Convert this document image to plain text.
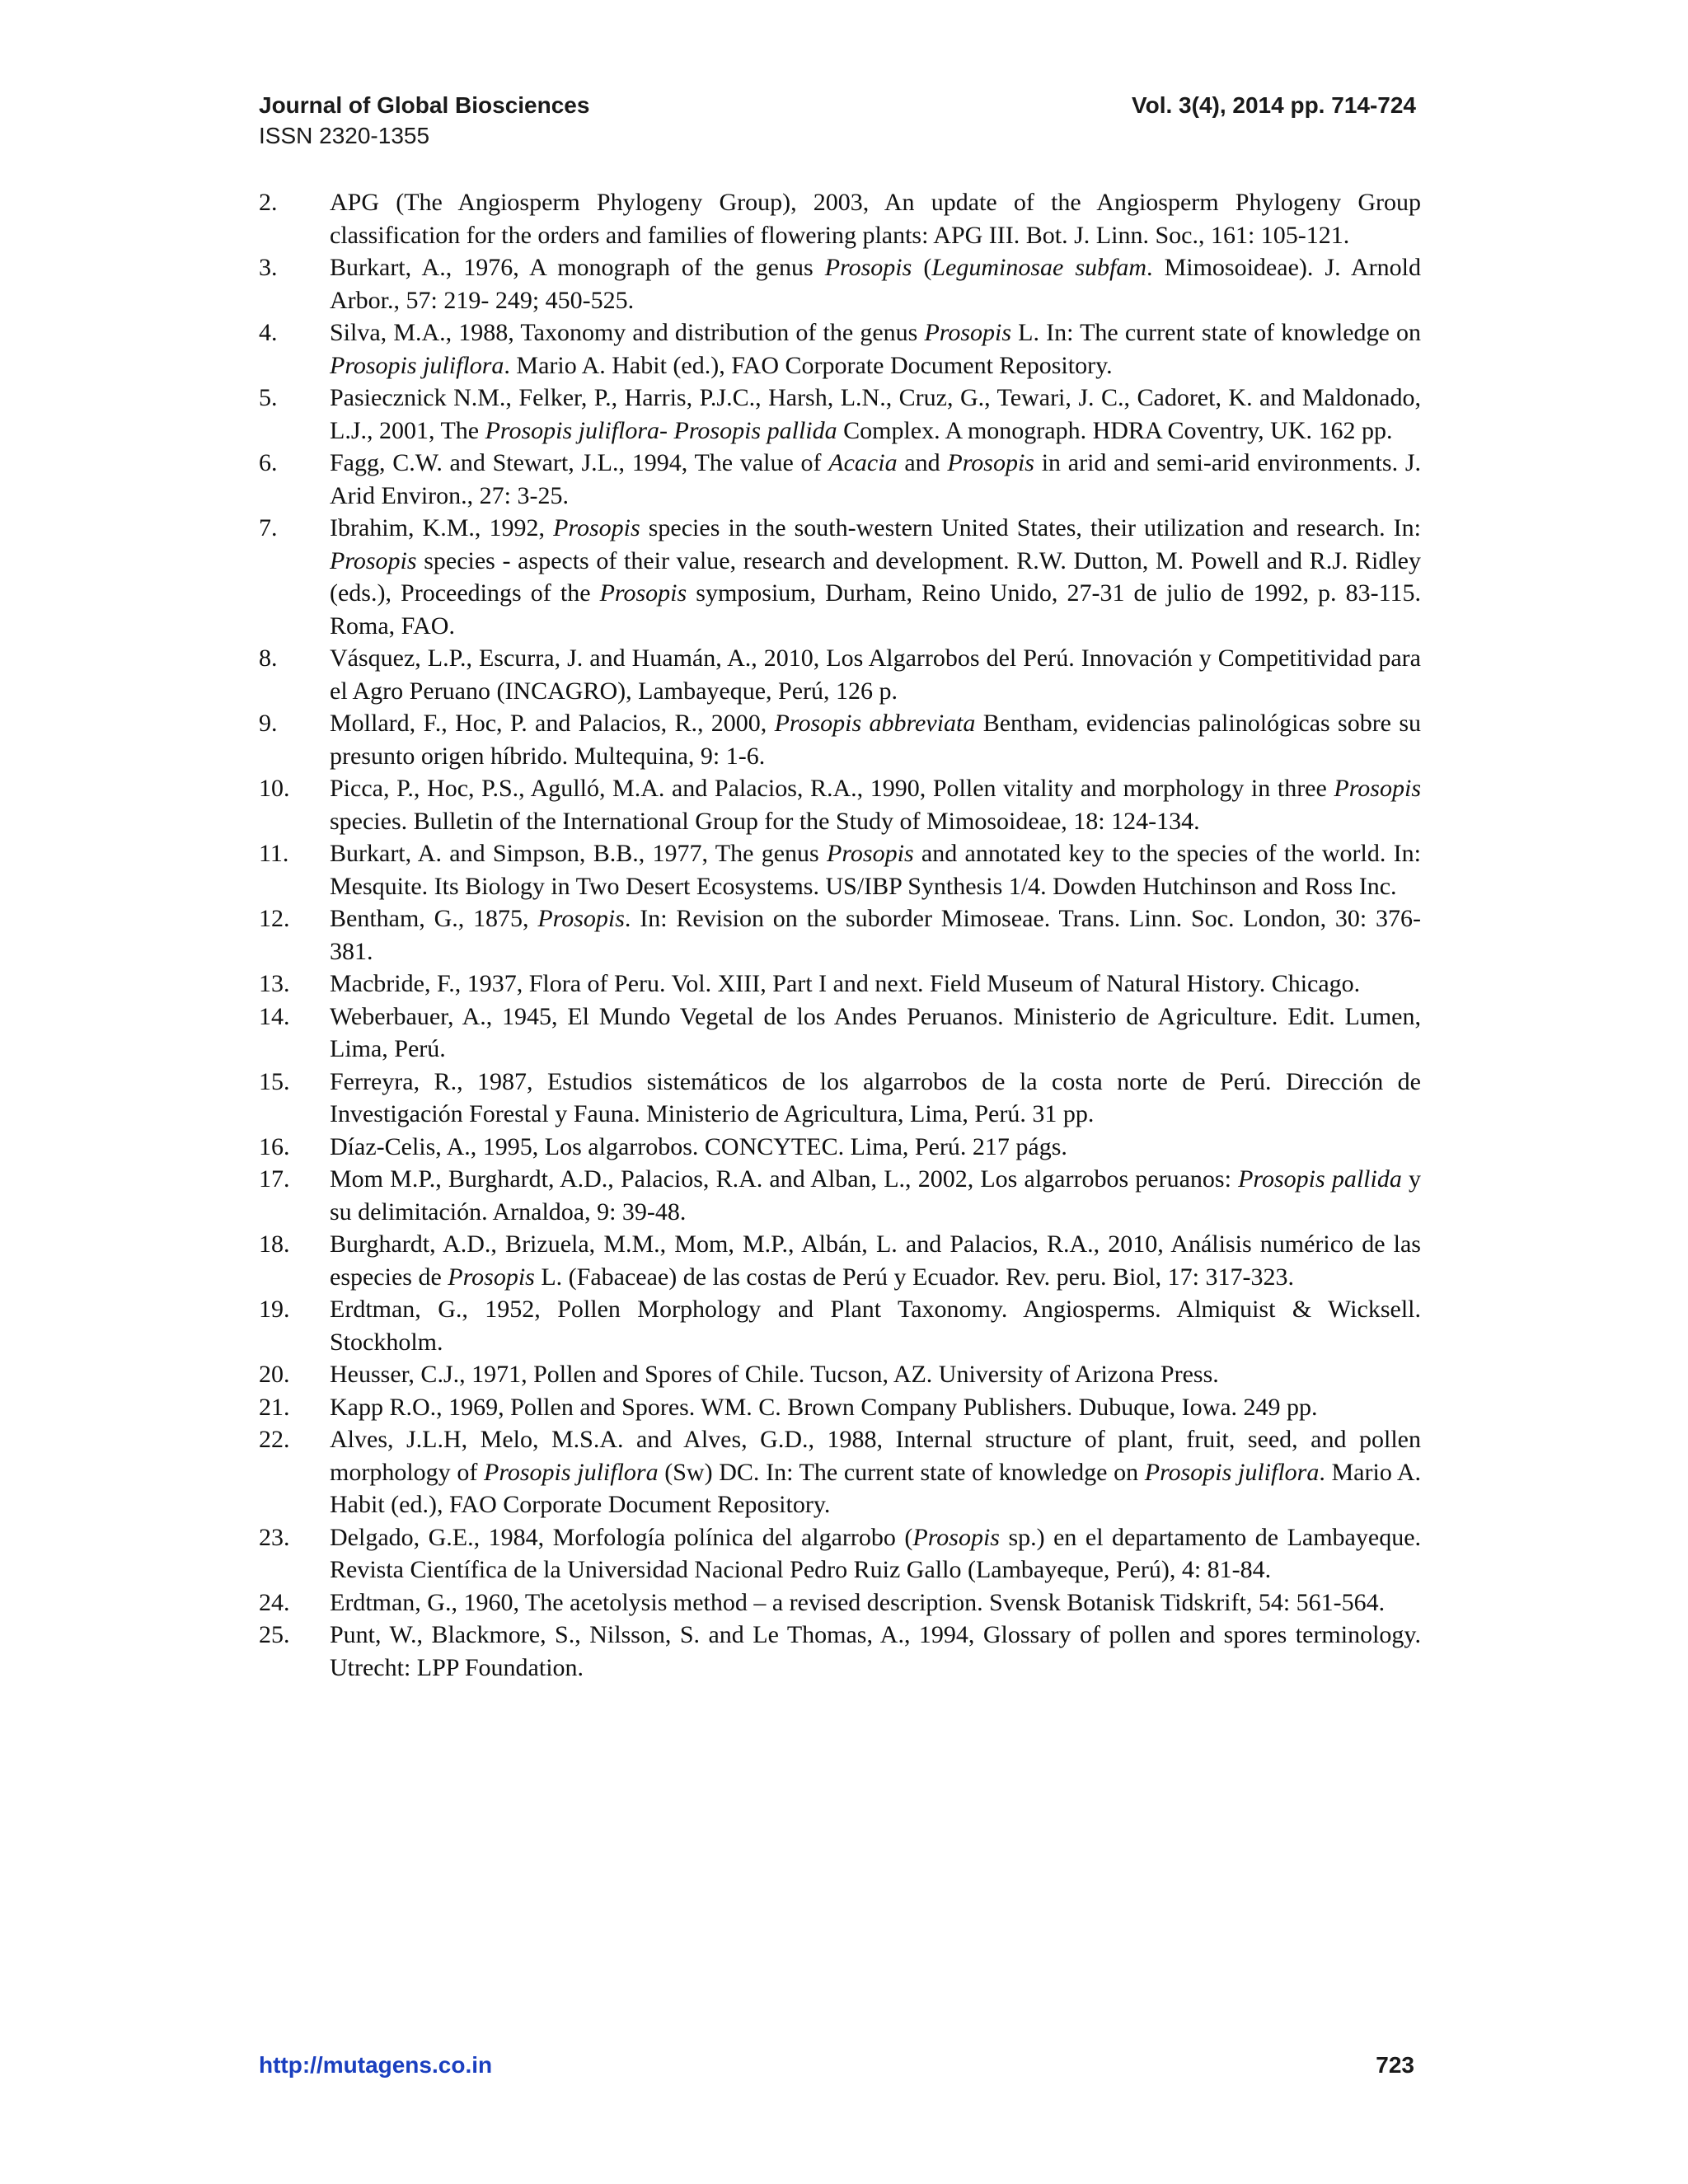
Journal of Global Biosciences	Vol. 3(4), 2014 pp. 714-724
ISSN 2320-1355
2. APG (The Angiosperm Phylogeny Group), 2003, An update of the Angiosperm Phylogeny Group classification for the orders and families of flowering plants: APG III. Bot. J. Linn. Soc., 161: 105-121.
3. Burkart, A., 1976, A monograph of the genus Prosopis (Leguminosae subfam. Mimosoideae). J. Arnold Arbor., 57: 219- 249; 450-525.
4. Silva, M.A., 1988, Taxonomy and distribution of the genus Prosopis L. In: The current state of knowledge on Prosopis juliflora. Mario A. Habit (ed.), FAO Corporate Document Repository.
5. Pasiecznick N.M., Felker, P., Harris, P.J.C., Harsh, L.N., Cruz, G., Tewari, J. C., Cadoret, K. and Maldonado, L.J., 2001, The Prosopis juliflora- Prosopis pallida Complex. A monograph. HDRA Coventry, UK. 162 pp.
6. Fagg, C.W. and Stewart, J.L., 1994, The value of Acacia and Prosopis in arid and semi-arid environments. J. Arid Environ., 27: 3-25.
7. Ibrahim, K.M., 1992, Prosopis species in the south-western United States, their utilization and research. In: Prosopis species - aspects of their value, research and development. R.W. Dutton, M. Powell and R.J. Ridley (eds.), Proceedings of the Prosopis symposium, Durham, Reino Unido, 27-31 de julio de 1992, p. 83-115. Roma, FAO.
8. Vásquez, L.P., Escurra, J. and Huamán, A., 2010, Los Algarrobos del Perú. Innovación y Competitividad para el Agro Peruano (INCAGRO), Lambayeque, Perú, 126 p.
9. Mollard, F., Hoc, P. and Palacios, R., 2000, Prosopis abbreviata Bentham, evidencias palinológicas sobre su presunto origen híbrido. Multequina, 9: 1-6.
10. Picca, P., Hoc, P.S., Agulló, M.A. and Palacios, R.A., 1990, Pollen vitality and morphology in three Prosopis species. Bulletin of the International Group for the Study of Mimosoideae, 18: 124-134.
11. Burkart, A. and Simpson, B.B., 1977, The genus Prosopis and annotated key to the species of the world. In: Mesquite. Its Biology in Two Desert Ecosystems. US/IBP Synthesis 1/4. Dowden Hutchinson and Ross Inc.
12. Bentham, G., 1875, Prosopis. In: Revision on the suborder Mimoseae. Trans. Linn. Soc. London, 30: 376-381.
13. Macbride, F., 1937, Flora of Peru. Vol. XIII, Part I and next. Field Museum of Natural History. Chicago.
14. Weberbauer, A., 1945, El Mundo Vegetal de los Andes Peruanos. Ministerio de Agriculture. Edit. Lumen, Lima, Perú.
15. Ferreyra, R., 1987, Estudios sistemáticos de los algarrobos de la costa norte de Perú. Dirección de Investigación Forestal y Fauna. Ministerio de Agricultura, Lima, Perú. 31 pp.
16. Díaz-Celis, A., 1995, Los algarrobos. CONCYTEC. Lima, Perú. 217 págs.
17. Mom M.P., Burghardt, A.D., Palacios, R.A. and Alban, L., 2002, Los algarrobos peruanos: Prosopis pallida y su delimitación. Arnaldoa, 9: 39-48.
18. Burghardt, A.D., Brizuela, M.M., Mom, M.P., Albán, L. and Palacios, R.A., 2010, Análisis numérico de las especies de Prosopis L. (Fabaceae) de las costas de Perú y Ecuador. Rev. peru. Biol, 17: 317-323.
19. Erdtman, G., 1952, Pollen Morphology and Plant Taxonomy. Angiosperms. Almiquist & Wicksell. Stockholm.
20. Heusser, C.J., 1971, Pollen and Spores of Chile. Tucson, AZ. University of Arizona Press.
21. Kapp R.O., 1969, Pollen and Spores. WM. C. Brown Company Publishers. Dubuque, Iowa. 249 pp.
22. Alves, J.L.H, Melo, M.S.A. and Alves, G.D., 1988, Internal structure of plant, fruit, seed, and pollen morphology of Prosopis juliflora (Sw) DC. In: The current state of knowledge on Prosopis juliflora. Mario A. Habit (ed.), FAO Corporate Document Repository.
23. Delgado, G.E., 1984, Morfología polínica del algarrobo (Prosopis sp.) en el departamento de Lambayeque. Revista Científica de la Universidad Nacional Pedro Ruiz Gallo (Lambayeque, Perú), 4: 81-84.
24. Erdtman, G., 1960, The acetolysis method – a revised description. Svensk Botanisk Tidskrift, 54: 561-564.
25. Punt, W., Blackmore, S., Nilsson, S. and Le Thomas, A., 1994, Glossary of pollen and spores terminology. Utrecht: LPP Foundation.
http://mutagens.co.in	723
